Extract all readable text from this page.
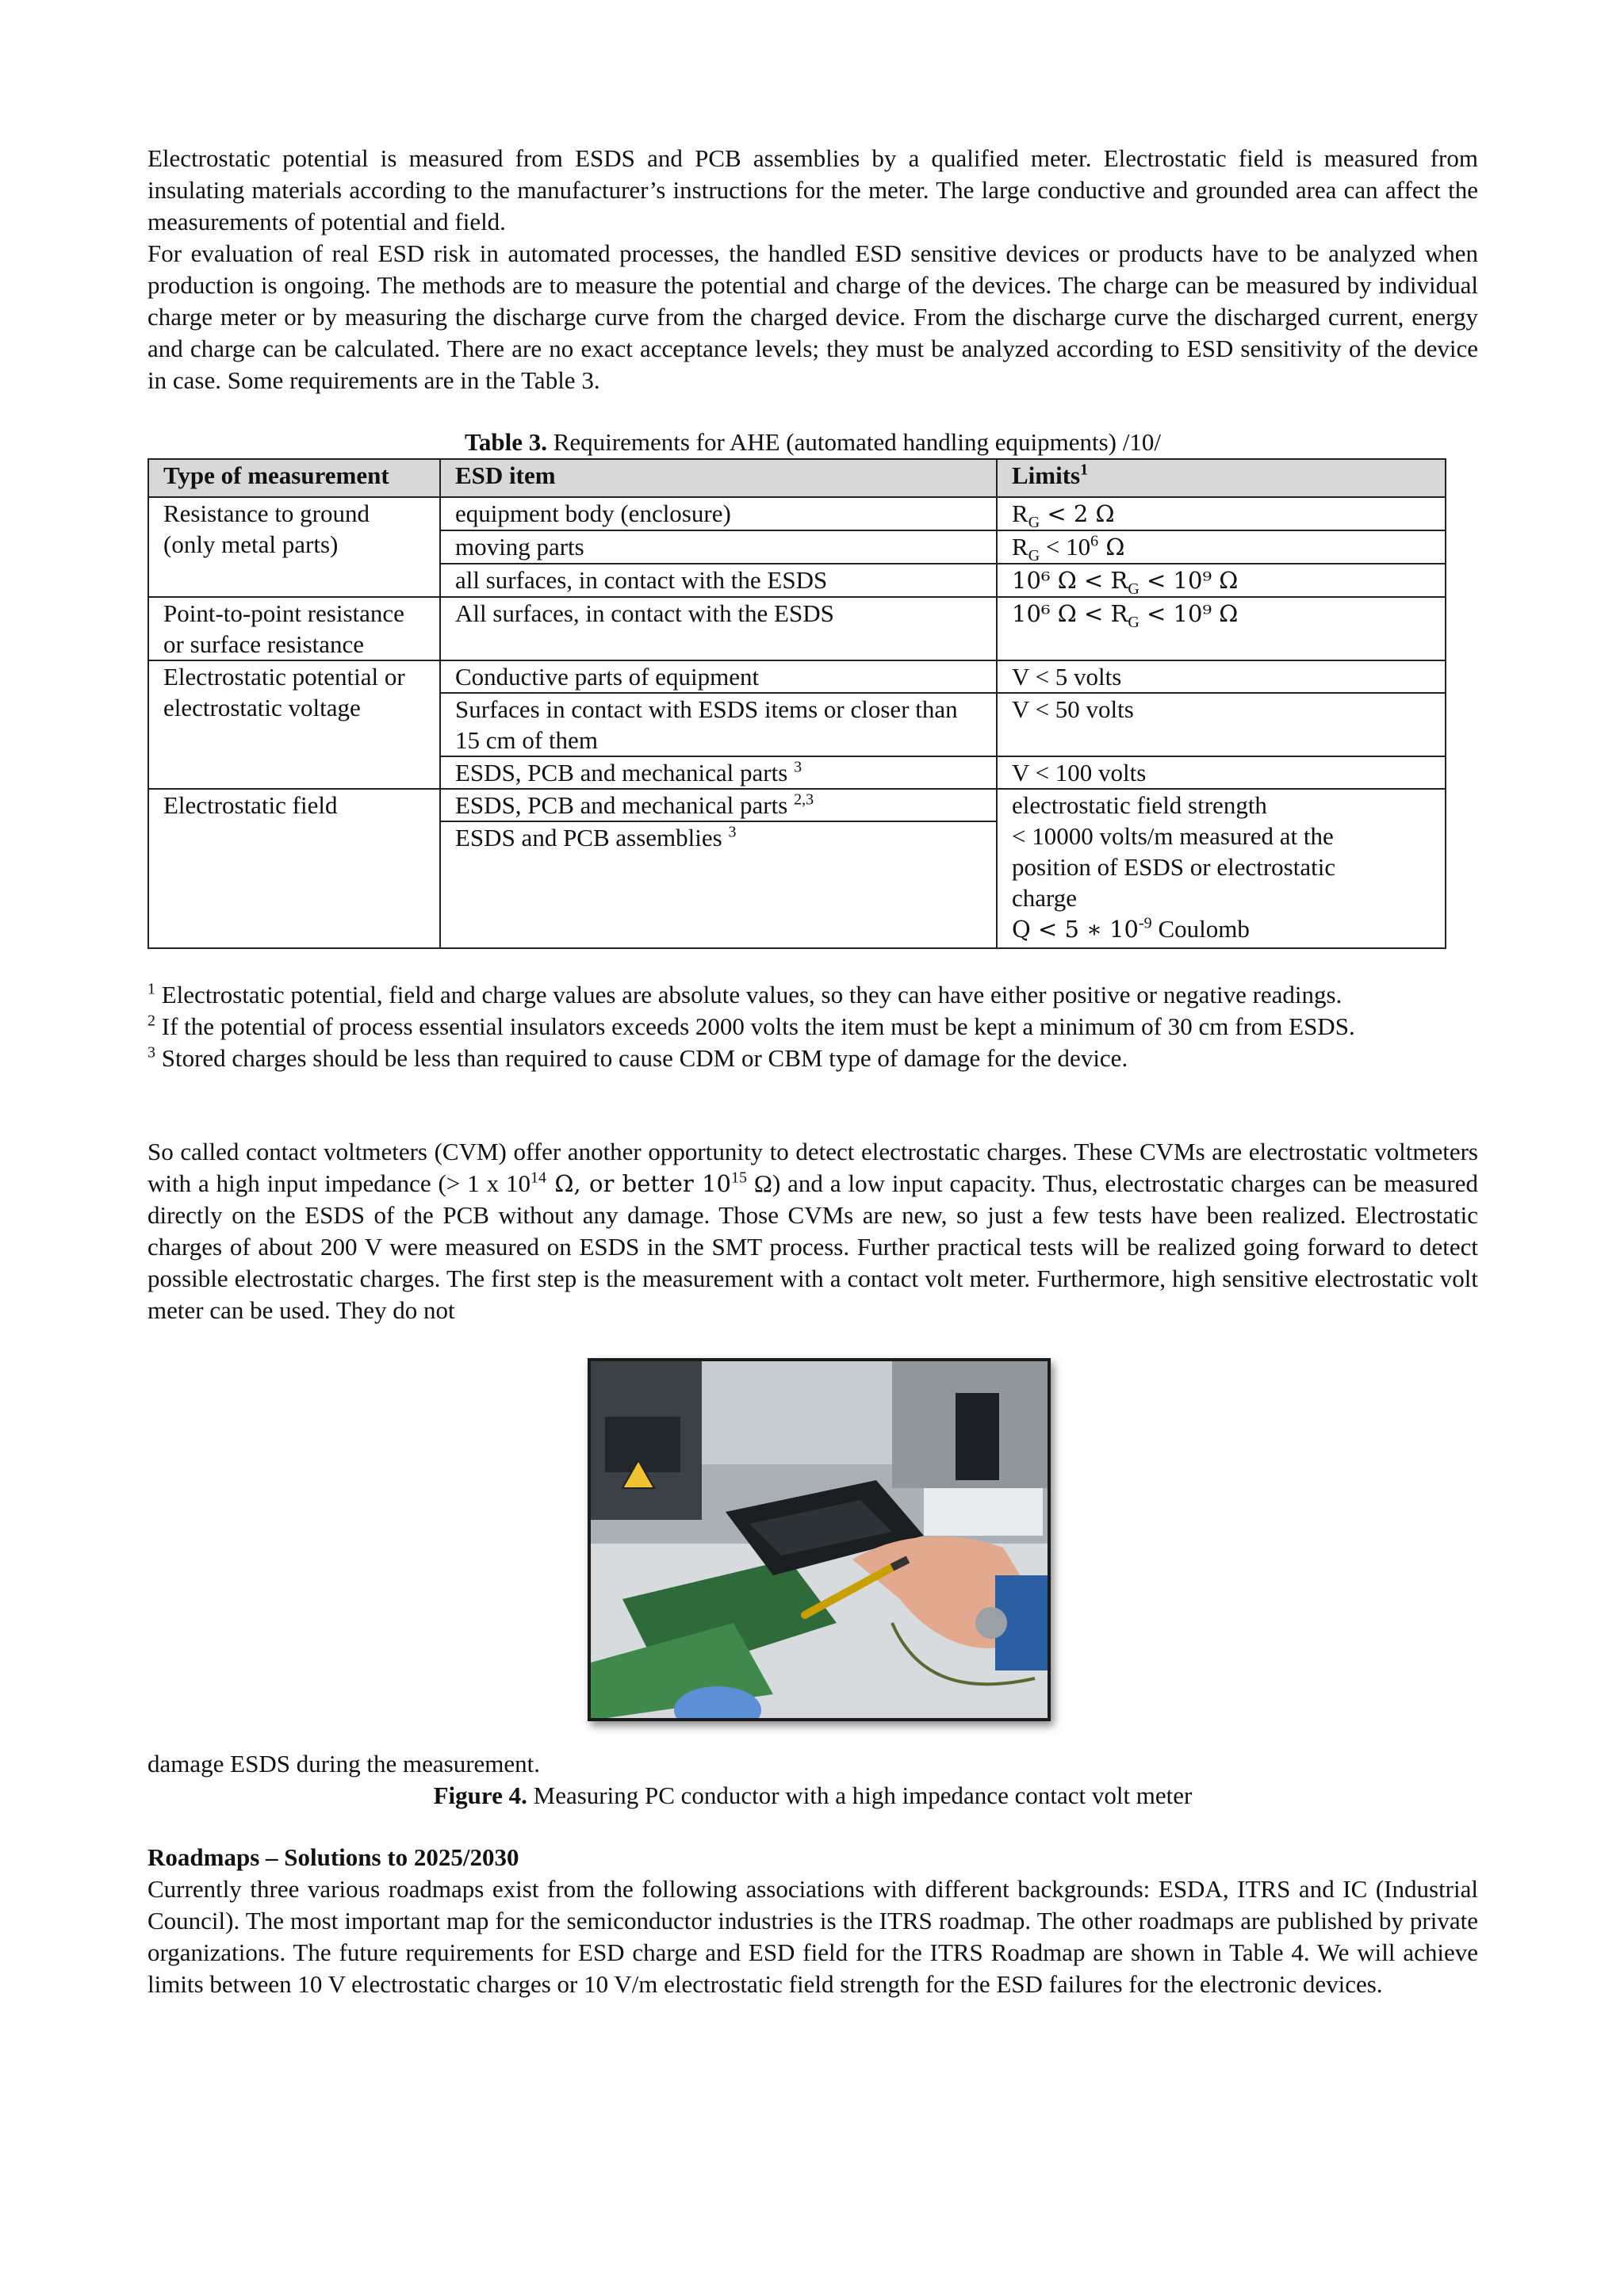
Electrostatic potential is measured from ESDS and PCB assemblies by a qualified meter. Electrostatic field is measured from insulating materials according to the manufacturer’s instructions for the meter. The large conductive and grounded area can affect the measurements of potential and field.

For evaluation of real ESD risk in automated processes, the handled ESD sensitive devices or products have to be analyzed when production is ongoing. The methods are to measure the potential and charge of the devices. The charge can be measured by individual charge meter or by measuring the discharge curve from the charged device. From the discharge curve the discharged current, energy and charge can be calculated. There are no exact acceptance levels; they must be analyzed according to ESD sensitivity of the device in case. Some requirements are in the Table 3.

Table 3. Requirements for AHE (automated handling equipments) /10/

Type of measurement	ESD item	Limits$^1$
Resistance to ground (only metal parts)	equipment body (enclosure)	$R_G < 2$ Ω
	moving parts	$R_G < 10^6$ Ω
	all surfaces, in contact with the ESDS	10⁶ $\Omega < R_G < 10^9$ Ω
Point-to-point resistance or surface resistance	All surfaces, in contact with the ESDS	10⁶ $\Omega < R_G < 10^9$ Ω
Electrostatic potential or electrostatic voltage	Conductive parts of equipment	V < 5 volts
	Surfaces in contact with ESDS items or closer than 15 cm of them	V < 50 volts
	ESDS, PCB and mechanical parts $^3$	V < 100 volts
Electrostatic field	ESDS, PCB and mechanical parts $^{2,3}$	electrostatic field strength
< 10000 volts/m measured at the
position of ESDS or electrostatic
charge
Q < 5 ∗ $10^{-9}$ Coulomb

	ESDS and PCB assemblies $^3$

$^1$ Electrostatic potential, field and charge values are absolute values, so they can have either positive or negative readings.

$^2$ If the potential of process essential insulators exceeds 2000 volts the item must be kept a minimum of 30 cm from ESDS.

$^3$ Stored charges should be less than required to cause CDM or CBM type of damage for the device.

So called contact voltmeters (CVM) offer another opportunity to detect electrostatic charges. These CVMs are electrostatic voltmeters with a high input impedance (> 1 x $10^{14}$ Ω, or better $10^{15}$ Ω) and a low input capacity. Thus, electrostatic charges can be measured directly on the ESDS of the PCB without any damage. Those CVMs are new, so just a few tests have been realized. Electrostatic charges of about 200 V were measured on ESDS in the SMT process. Further practical tests will be realized going forward to detect possible electrostatic charges. The first step is the measurement with a contact volt meter. Furthermore, high sensitive electrostatic volt meter can be used. They do not

damage ESDS during the measurement.

Figure 4. Measuring PC conductor with a high impedance contact volt meter

Roadmaps – Solutions to 2025/2030

Currently three various roadmaps exist from the following associations with different backgrounds: ESDA, ITRS and IC (Industrial Council). The most important map for the semiconductor industries is the ITRS roadmap. The other roadmaps are published by private organizations. The future requirements for ESD charge and ESD field for the ITRS Roadmap are shown in Table 4. We will achieve limits between 10 V electrostatic charges or 10 V/m electrostatic field strength for the ESD failures for the electronic devices.
